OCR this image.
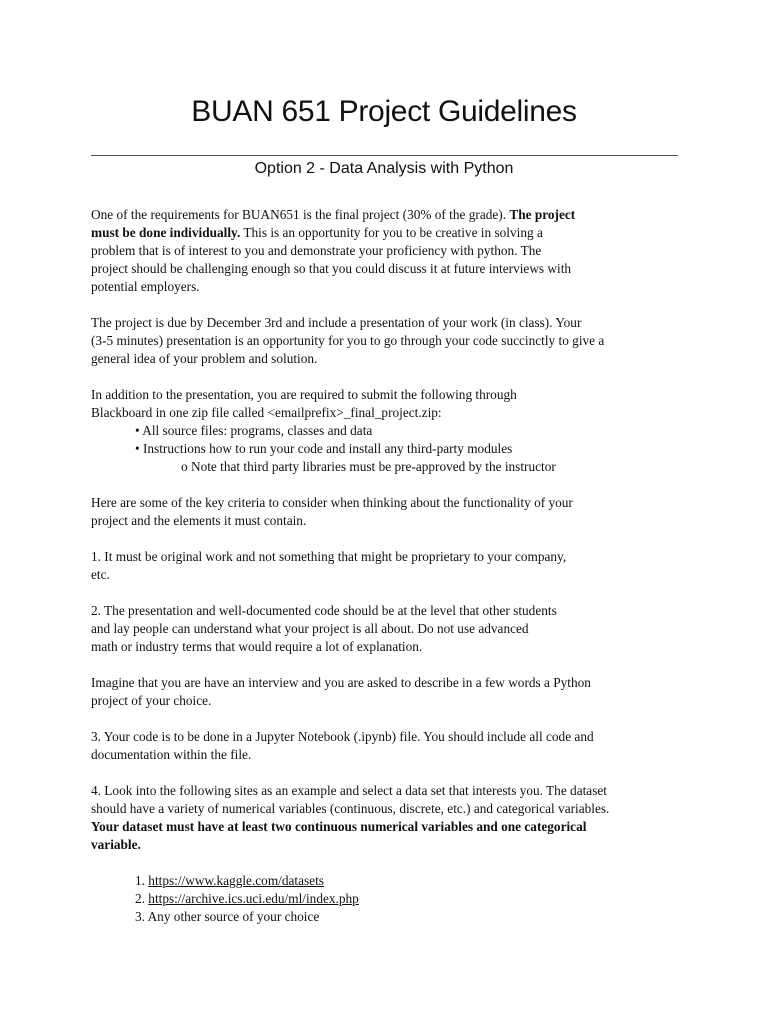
BUAN 651 Project Guidelines
Option 2 - Data Analysis with Python

One of the requirements for BUAN651 is the final project (30% of the grade). The project
must be done individually. This is an opportunity for you to be creative in solving a
problem that is of interest to you and demonstrate your proficiency with python. The
project should be challenging enough so that you could discuss it at future interviews with
potential employers.

The project is due by December 3rd and include a presentation of your work (in class). Your
(3-5 minutes) presentation is an opportunity for you to go through your code succinctly to give a
general idea of your problem and solution.

In addition to the presentation, you are required to submit the following through
Blackboard in one zip file called <emailprefix>_final_project.zip:

• All source files: programs, classes and data
• Instructions how to run your code and install any third-party modules

o Note that third party libraries must be pre-approved by the instructor

Here are some of the key criteria to consider when thinking about the functionality of your
project and the elements it must contain.

1. It must be original work and not something that might be proprietary to your company,
etc.

2. The presentation and well-documented code should be at the level that other students
and lay people can understand what your project is all about. Do not use advanced
math or industry terms that would require a lot of explanation.

Imagine that you are have an interview and you are asked to describe in a few words a Python
project of your choice.

3. Your code is to be done in a Jupyter Notebook (.ipynb) file. You should include all code and
documentation within the file.

4. Look into the following sites as an example and select a data set that interests you. The dataset
should have a variety of numerical variables (continuous, discrete, etc.) and categorical variables.
Your dataset must have at least two continuous numerical variables and one categorical
variable.

1. https://www.kaggle.com/datasets
2. https://archive.ics.uci.edu/ml/index.php
3. Any other source of your choice
